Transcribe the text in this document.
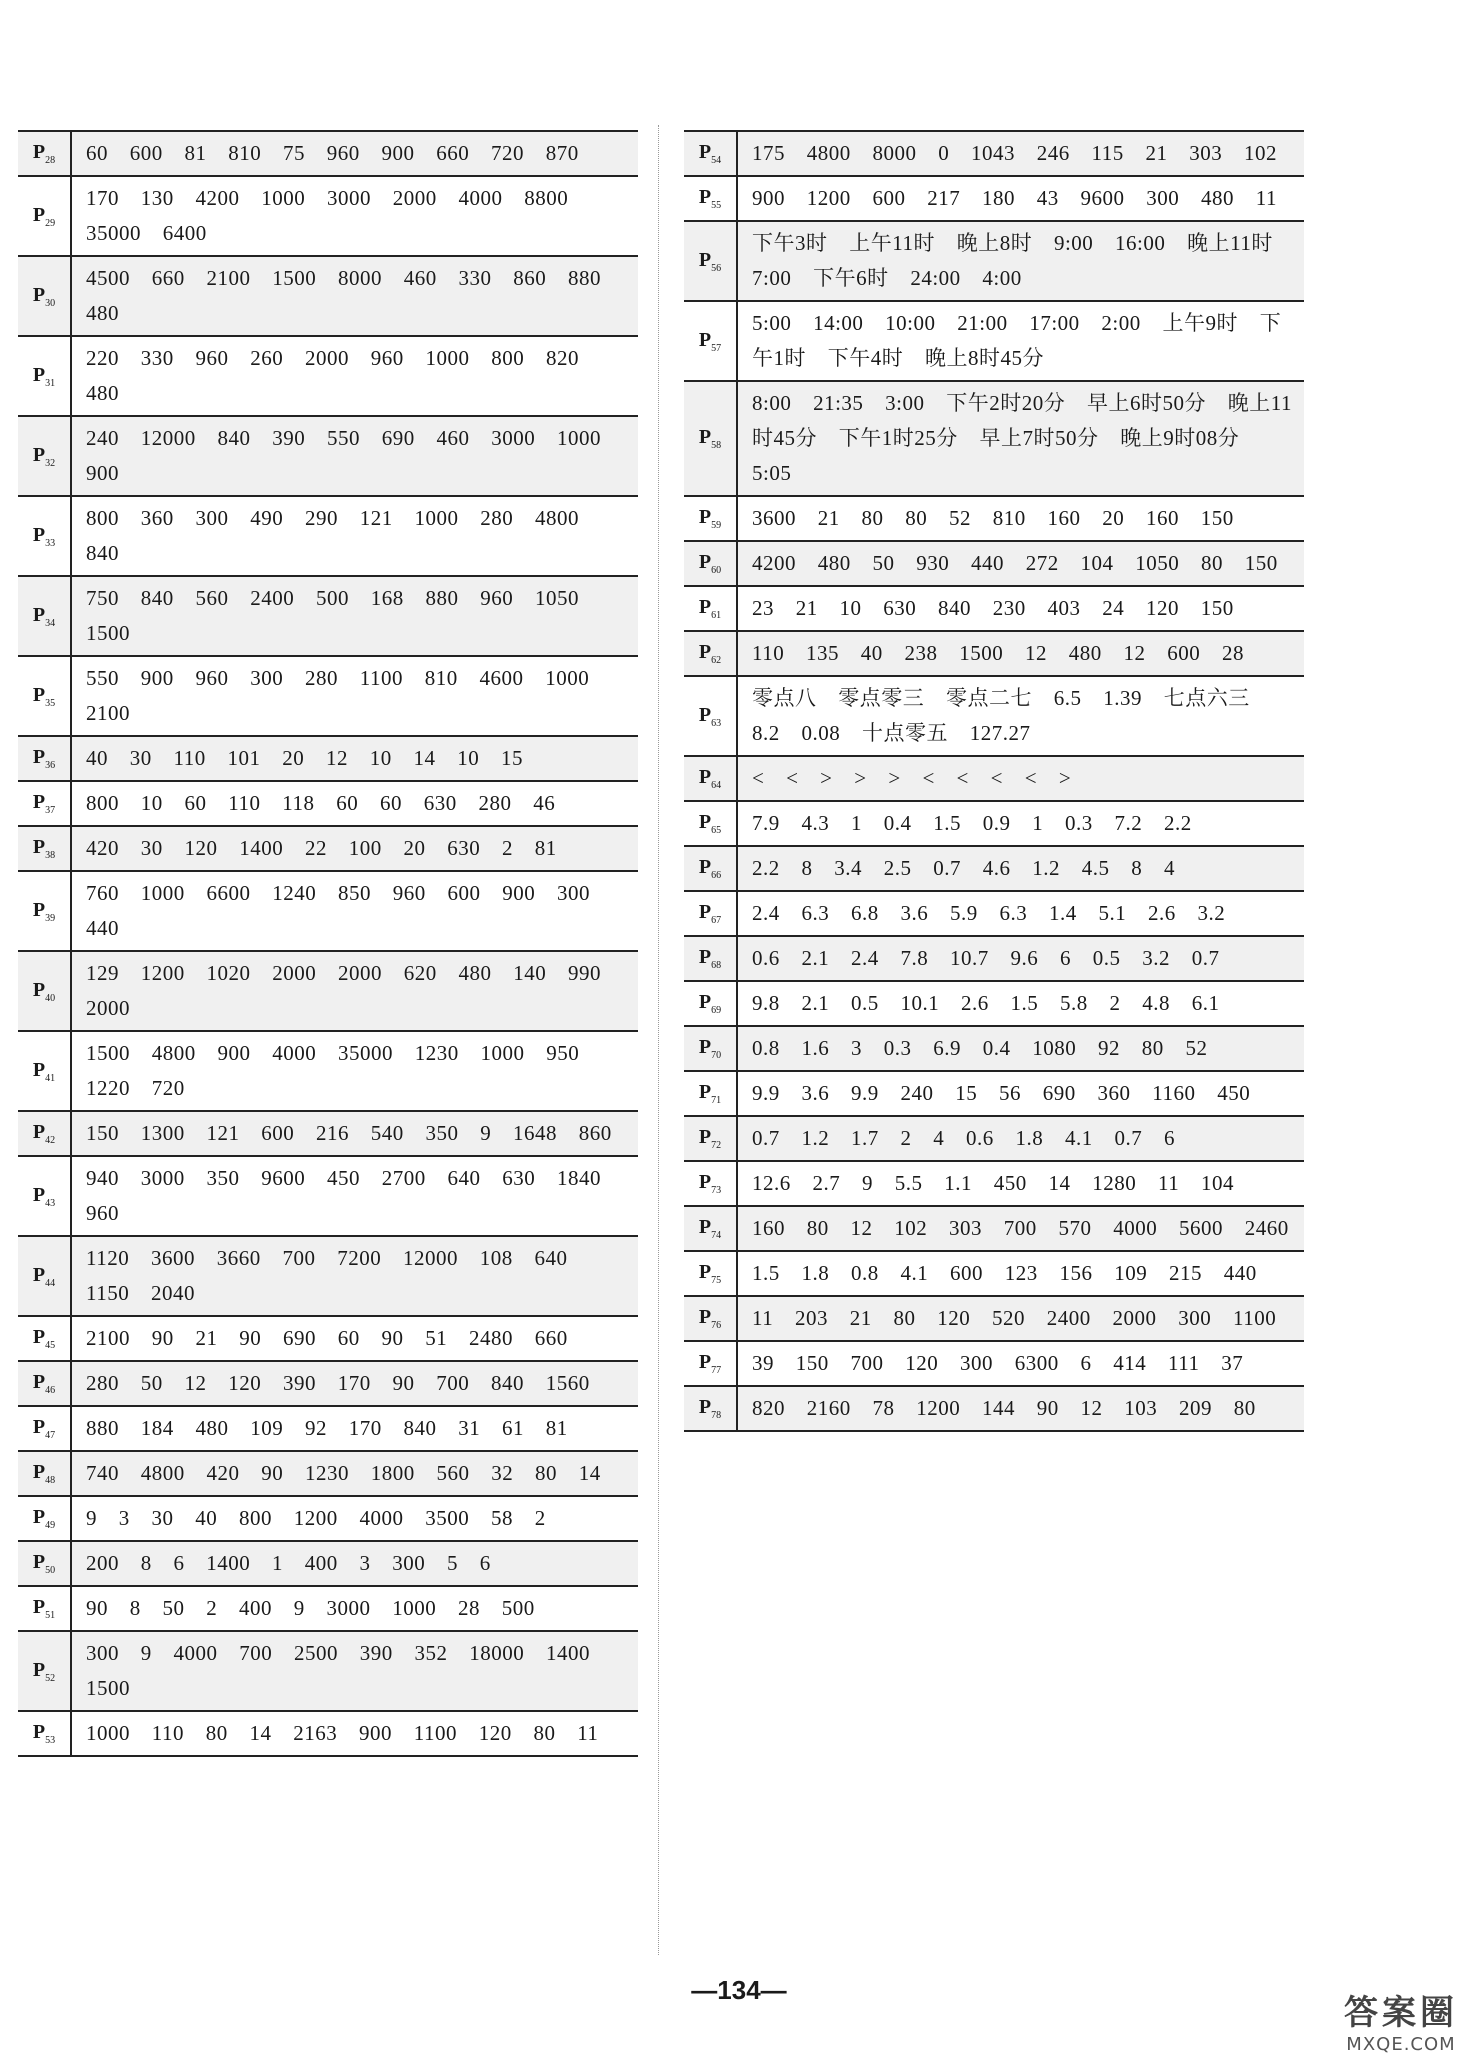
$P_{28}$	60 600 81 810 75 960 900 660 720 870
$P_{29}$	170 130 4200 1000 3000 2000 4000 8800 35000 6400
$P_{30}$	4500 660 2100 1500 8000 460 330 860 880 480
$P_{31}$	220 330 960 260 2000 960 1000 800 820 480
$P_{32}$	240 12000 840 390 550 690 460 3000 1000 900
$P_{33}$	800 360 300 490 290 121 1000 280 4800 840
$P_{34}$	750 840 560 2400 500 168 880 960 1050 1500
$P_{35}$	550 900 960 300 280 1100 810 4600 1000 2100
$P_{36}$	40 30 110 101 20 12 10 14 10 15
$P_{37}$	800 10 60 110 118 60 60 630 280 46
$P_{38}$	420 30 120 1400 22 100 20 630 2 81
$P_{39}$	760 1000 6600 1240 850 960 600 900 300 440
$P_{40}$	129 1200 1020 2000 2000 620 480 140 990 2000
$P_{41}$	1500 4800 900 4000 35000 1230 1000 950 1220 720
$P_{42}$	150 1300 121 600 216 540 350 9 1648 860
$P_{43}$	940 3000 350 9600 450 2700 640 630 1840 960
$P_{44}$	1120 3600 3660 700 7200 12000 108 640 1150 2040
$P_{45}$	2100 90 21 90 690 60 90 51 2480 660
$P_{46}$	280 50 12 120 390 170 90 700 840 1560
$P_{47}$	880 184 480 109 92 170 840 31 61 81
$P_{48}$	740 4800 420 90 1230 1800 560 32 80 14
$P_{49}$	9 3 30 40 800 1200 4000 3500 58 2
$P_{50}$	200 8 6 1400 1 400 3 300 5 6
$P_{51}$	90 8 50 2 400 9 3000 1000 28 500
$P_{52}$	300 9 4000 700 2500 390 352 18000 1400 1500
$P_{53}$	1000 110 80 14 2163 900 1100 120 80 11
$P_{54}$	175 4800 8000 0 1043 246 115 21 303 102
$P_{55}$	900 1200 600 217 180 43 9600 300 480 11
$P_{56}$	下午3时 上午11时 晚上8时 9:00 16:00 晚上11时 7:00 下午6时 24:00 4:00
$P_{57}$	5:00 14:00 10:00 21:00 17:00 2:00 上午9时 下午1时 下午4时 晚上8时45分
$P_{58}$	8:00 21:35 3:00 下午2时20分 早上6时50分 晚上11时45分 下午1时25分 早上7时50分 晚上9时08分 5:05
$P_{59}$	3600 21 80 80 52 810 160 20 160 150
$P_{60}$	4200 480 50 930 440 272 104 1050 80 150
$P_{61}$	23 21 10 630 840 230 403 24 120 150
$P_{62}$	110 135 40 238 1500 12 480 12 600 28
$P_{63}$	零点八 零点零三 零点二七 6.5 1.39 七点六三 8.2 0.08 十点零五 127.27
$P_{64}$	< < > > > < < < < >
$P_{65}$	7.9 4.3 1 0.4 1.5 0.9 1 0.3 7.2 2.2
$P_{66}$	2.2 8 3.4 2.5 0.7 4.6 1.2 4.5 8 4
$P_{67}$	2.4 6.3 6.8 3.6 5.9 6.3 1.4 5.1 2.6 3.2
$P_{68}$	0.6 2.1 2.4 7.8 10.7 9.6 6 0.5 3.2 0.7
$P_{69}$	9.8 2.1 0.5 10.1 2.6 1.5 5.8 2 4.8 6.1
$P_{70}$	0.8 1.6 3 0.3 6.9 0.4 1080 92 80 52
$P_{71}$	9.9 3.6 9.9 240 15 56 690 360 1160 450
$P_{72}$	0.7 1.2 1.7 2 4 0.6 1.8 4.1 0.7 6
$P_{73}$	12.6 2.7 9 5.5 1.1 450 14 1280 11 104
$P_{74}$	160 80 12 102 303 700 570 4000 5600 2460
$P_{75}$	1.5 1.8 0.8 4.1 600 123 156 109 215 440
$P_{76}$	11 203 21 80 120 520 2400 2000 300 1100
$P_{77}$	39 150 700 120 300 6300 6 414 111 37
$P_{78}$	820 2160 78 1200 144 90 12 103 209 80
—134—
答案圈
MXQE.COM
